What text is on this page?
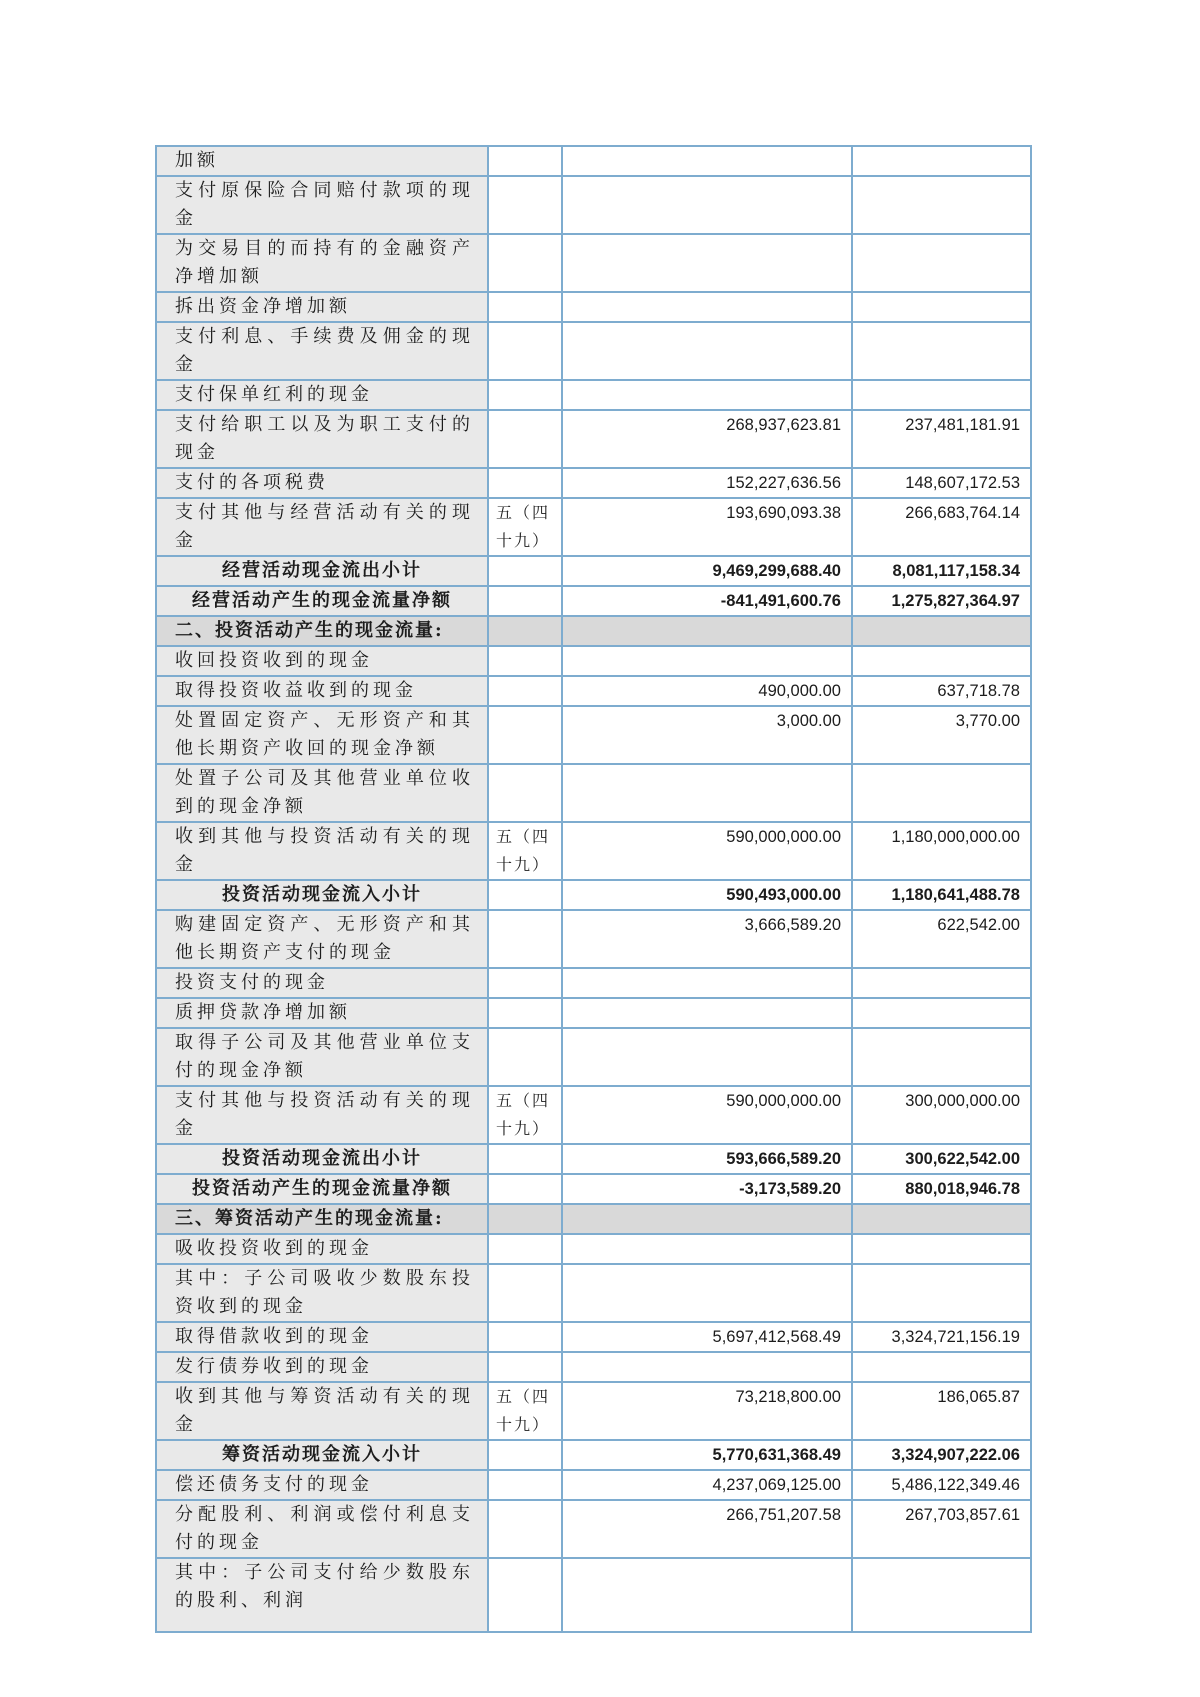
加额			
支付原保险合同赔付款项的现金			
为交易目的而持有的金融资产净增加额			
拆出资金净增加额			
支付利息、手续费及佣金的现金			
支付保单红利的现金			
支付给职工以及为职工支付的现金		268,937,623.81	237,481,181.91
支付的各项税费		152,227,636.56	148,607,172.53
支付其他与经营活动有关的现金	五（四十九）	193,690,093.38	266,683,764.14
经营活动现金流出小计		9,469,299,688.40	8,081,117,158.34
经营活动产生的现金流量净额		-841,491,600.76	1,275,827,364.97
二、投资活动产生的现金流量:			
收回投资收到的现金			
取得投资收益收到的现金		490,000.00	637,718.78
处置固定资产、无形资产和其他长期资产收回的现金净额		3,000.00	3,770.00
处置子公司及其他营业单位收到的现金净额			
收到其他与投资活动有关的现金	五（四十九）	590,000,000.00	1,180,000,000.00
投资活动现金流入小计		590,493,000.00	1,180,641,488.78
购建固定资产、无形资产和其他长期资产支付的现金		3,666,589.20	622,542.00
投资支付的现金			
质押贷款净增加额			
取得子公司及其他营业单位支付的现金净额			
支付其他与投资活动有关的现金	五（四十九）	590,000,000.00	300,000,000.00
投资活动现金流出小计		593,666,589.20	300,622,542.00
投资活动产生的现金流量净额		-3,173,589.20	880,018,946.78
三、筹资活动产生的现金流量:			
吸收投资收到的现金			
其中：子公司吸收少数股东投资收到的现金			
取得借款收到的现金		5,697,412,568.49	3,324,721,156.19
发行债券收到的现金			
收到其他与筹资活动有关的现金	五（四十九）	73,218,800.00	186,065.87
筹资活动现金流入小计		5,770,631,368.49	3,324,907,222.06
偿还债务支付的现金		4,237,069,125.00	5,486,122,349.46
分配股利、利润或偿付利息支付的现金		266,751,207.58	267,703,857.61
其中：子公司支付给少数股东的股利、利润			
